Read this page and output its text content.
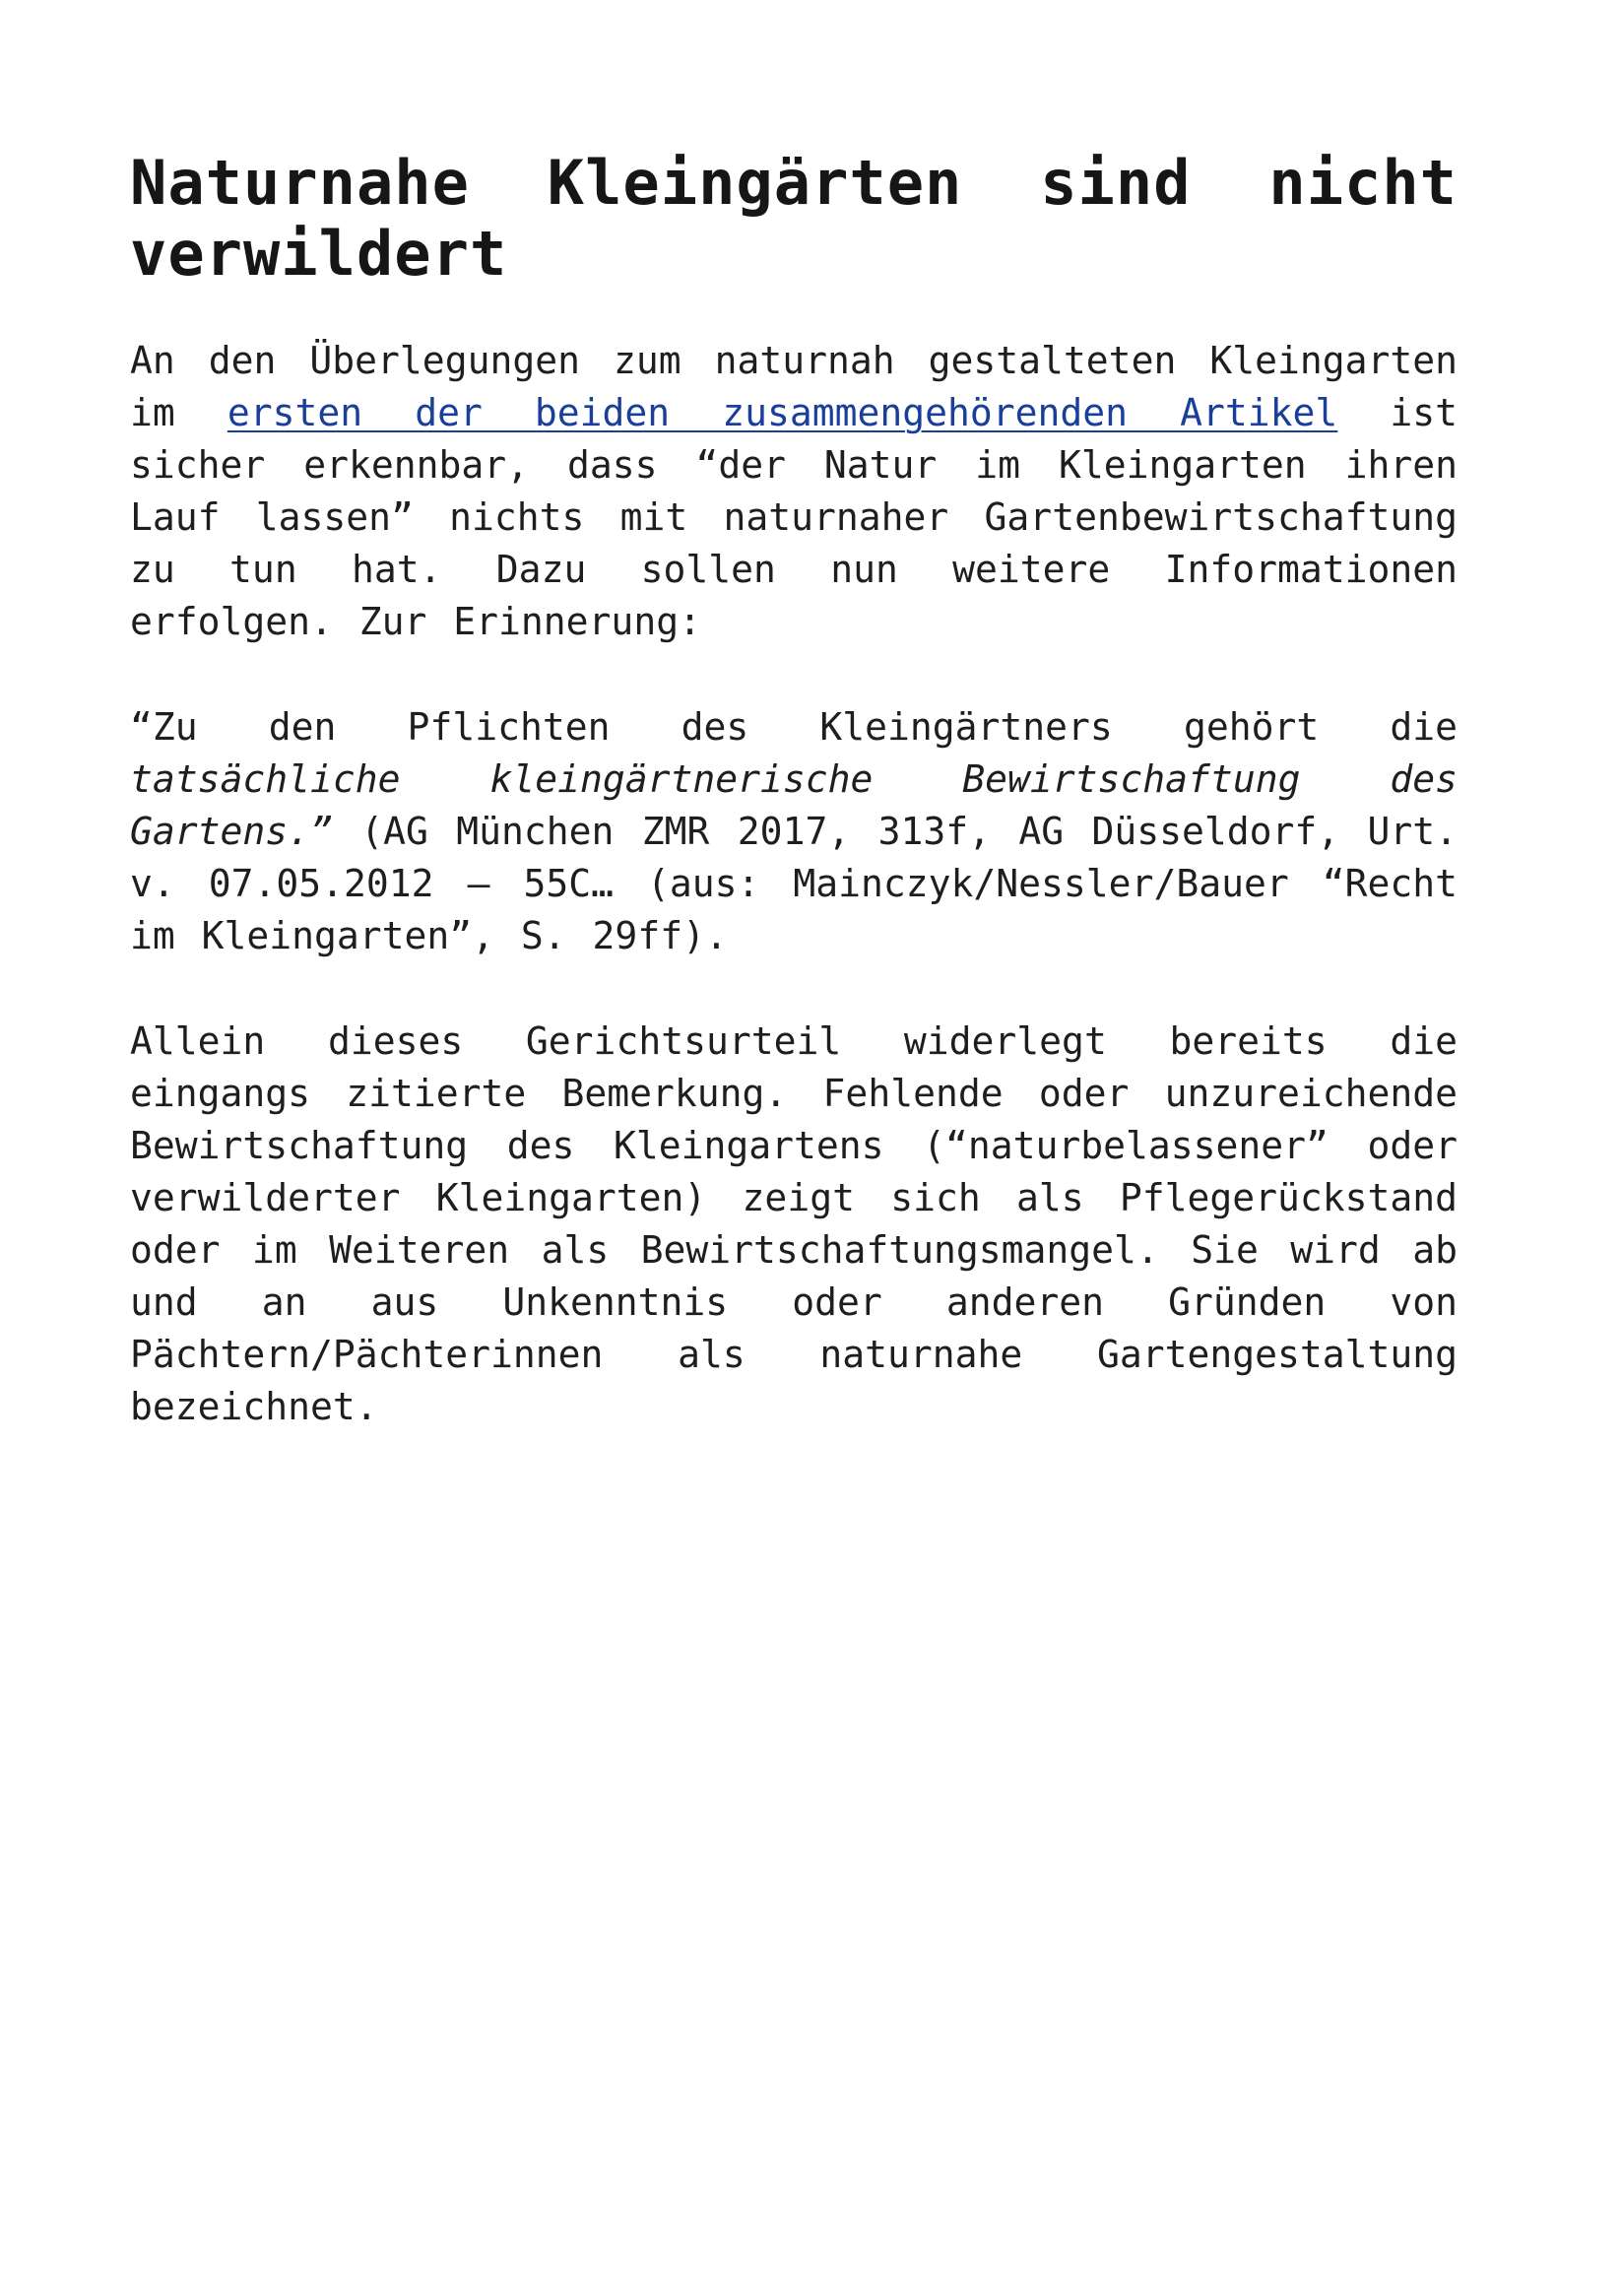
Naturnahe Kleingärten sind nicht verwildert

An den Überlegungen zum naturnah gestalteten Kleingarten im ersten der beiden zusammengehörenden Artikel ist sicher erkennbar, dass “der Natur im Kleingarten ihren Lauf lassen” nichts mit naturnaher Gartenbewirtschaftung zu tun hat. Dazu sollen nun weitere Informationen erfolgen. Zur Erinnerung:

“Zu den Pflichten des Kleingärtners gehört die tatsächliche kleingärtnerische Bewirtschaftung des Gartens.” (AG München ZMR 2017, 313f, AG Düsseldorf, Urt. v. 07.05.2012 – 55C… (aus: Mainczyk/Nessler/Bauer “Recht im Kleingarten”, S. 29ff).

Allein dieses Gerichtsurteil widerlegt bereits die eingangs zitierte Bemerkung. Fehlende oder unzureichende Bewirtschaftung des Kleingartens (“naturbelassener” oder verwilderter Kleingarten) zeigt sich als Pflegerückstand oder im Weiteren als Bewirtschaftungsmangel. Sie wird ab und an aus Unkenntnis oder anderen Gründen von Pächtern/Pächterinnen als naturnahe Gartengestaltung bezeichnet.
